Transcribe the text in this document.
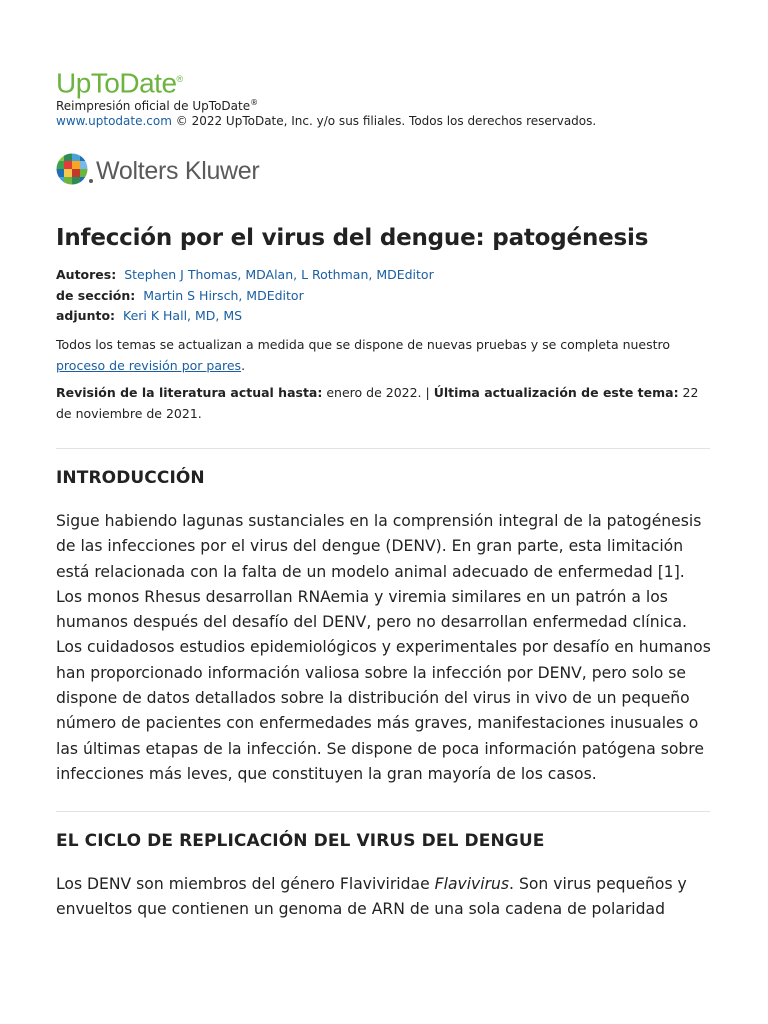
UpToDate®
Reimpresión oficial de UpToDate®
www.uptodate.com © 2022 UpToDate, Inc. y/o sus filiales. Todos los derechos reservados.
Wolters Kluwer
Infección por el virus del dengue: patogénesis
Autores: Stephen J Thomas, MDAlan, L Rothman, MDEditor
de sección: Martin S Hirsch, MDEditor
adjunto: Keri K Hall, MD, MS
Todos los temas se actualizan a medida que se dispone de nuevas pruebas y se completa nuestro proceso de revisión por pares.
Revisión de la literatura actual hasta: enero de 2022. | Última actualización de este tema: 22 de noviembre de 2021.
INTRODUCCIÓN

Sigue habiendo lagunas sustanciales en la comprensión integral de la patogénesis de las infecciones por el virus del dengue (DENV). En gran parte, esta limitación está relacionada con la falta de un modelo animal adecuado de enfermedad [1]. Los monos Rhesus desarrollan RNAemia y viremia similares en un patrón a los humanos después del desafío del DENV, pero no desarrollan enfermedad clínica. Los cuidadosos estudios epidemiológicos y experimentales por desafío en humanos han proporcionado información valiosa sobre la infección por DENV, pero solo se dispone de datos detallados sobre la distribución del virus in vivo de un pequeño número de pacientes con enfermedades más graves, manifestaciones inusuales o las últimas etapas de la infección. Se dispone de poca información patógena sobre infecciones más leves, que constituyen la gran mayoría de los casos.

EL CICLO DE REPLICACIÓN DEL VIRUS DEL DENGUE

Los DENV son miembros del género Flaviviridae Flavivirus. Son virus pequeños y envueltos que contienen un genoma de ARN de una sola cadena de polaridad
